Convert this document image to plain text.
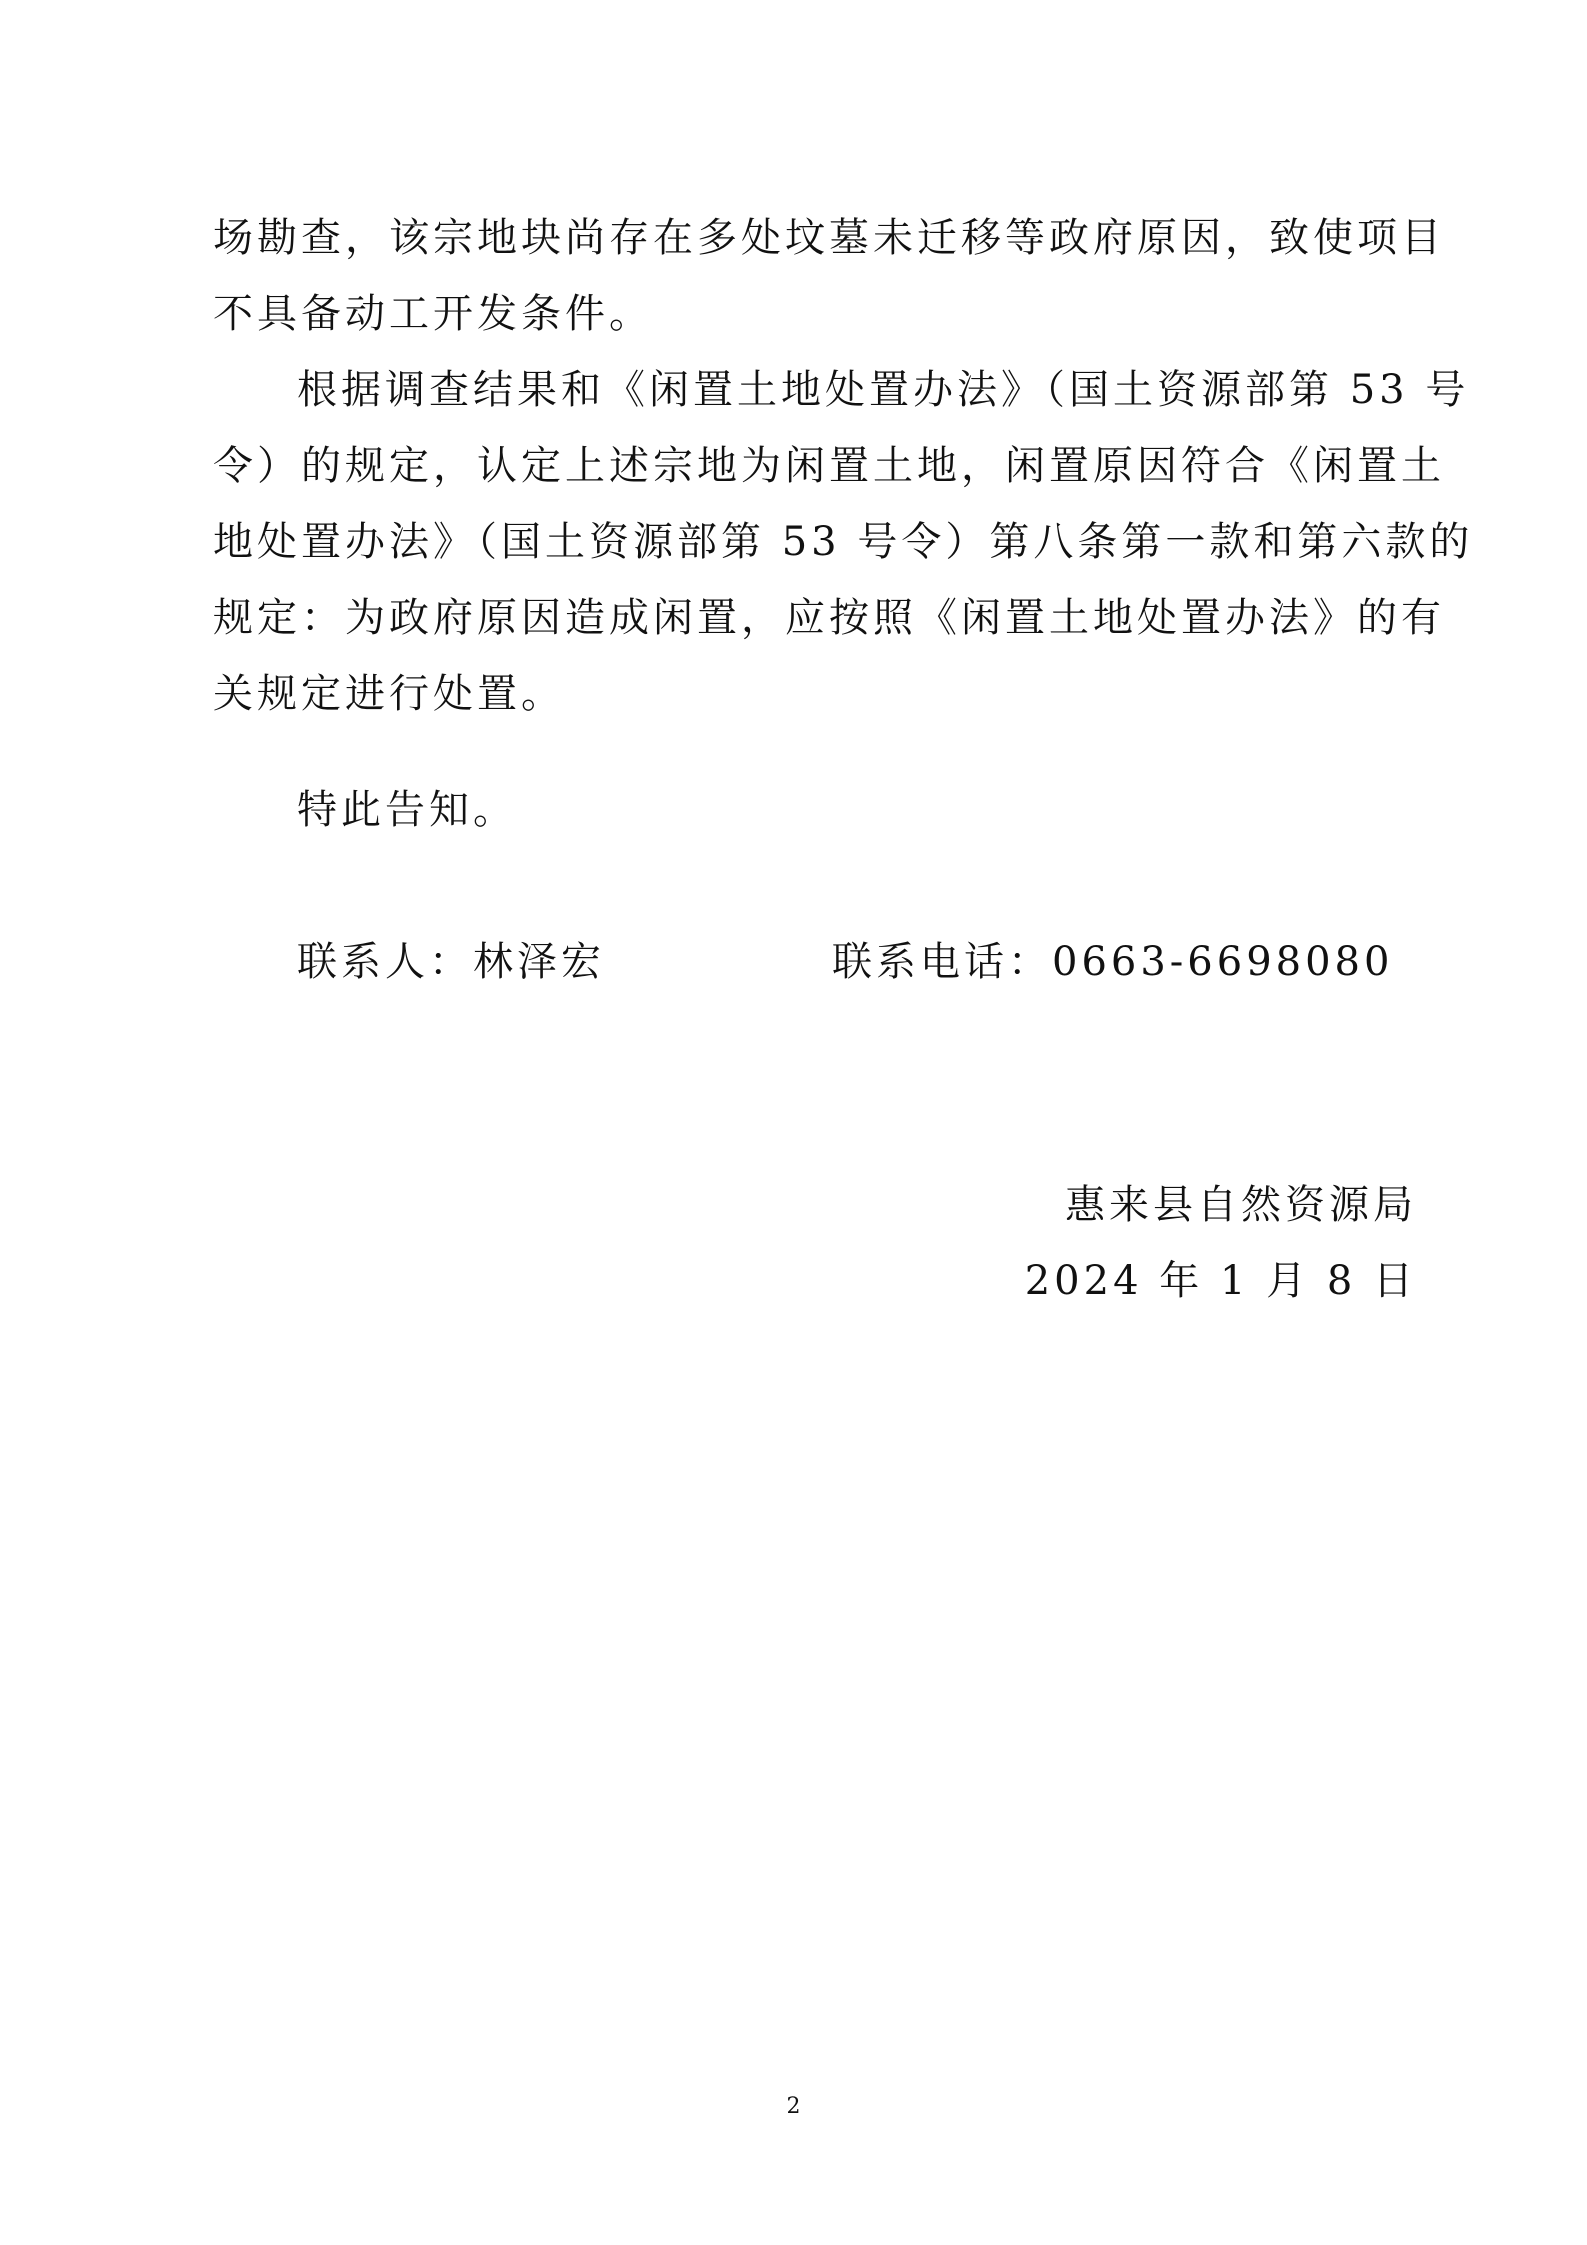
场勘查，该宗地块尚存在多处坟墓未迁移等政府原因，致使项目
不具备动工开发条件。
根据调查结果和《闲置土地处置办法》（国土资源部第 53 号
令）的规定，认定上述宗地为闲置土地，闲置原因符合《闲置土
地处置办法》（国土资源部第 53 号令）第八条第一款和第六款的
规定：为政府原因造成闲置，应按照《闲置土地处置办法》的有
关规定进行处置。
特此告知。
联系人：林泽宏	联系电话：0663-6698080
惠来县自然资源局
2024 年 1 月 8 日
2
